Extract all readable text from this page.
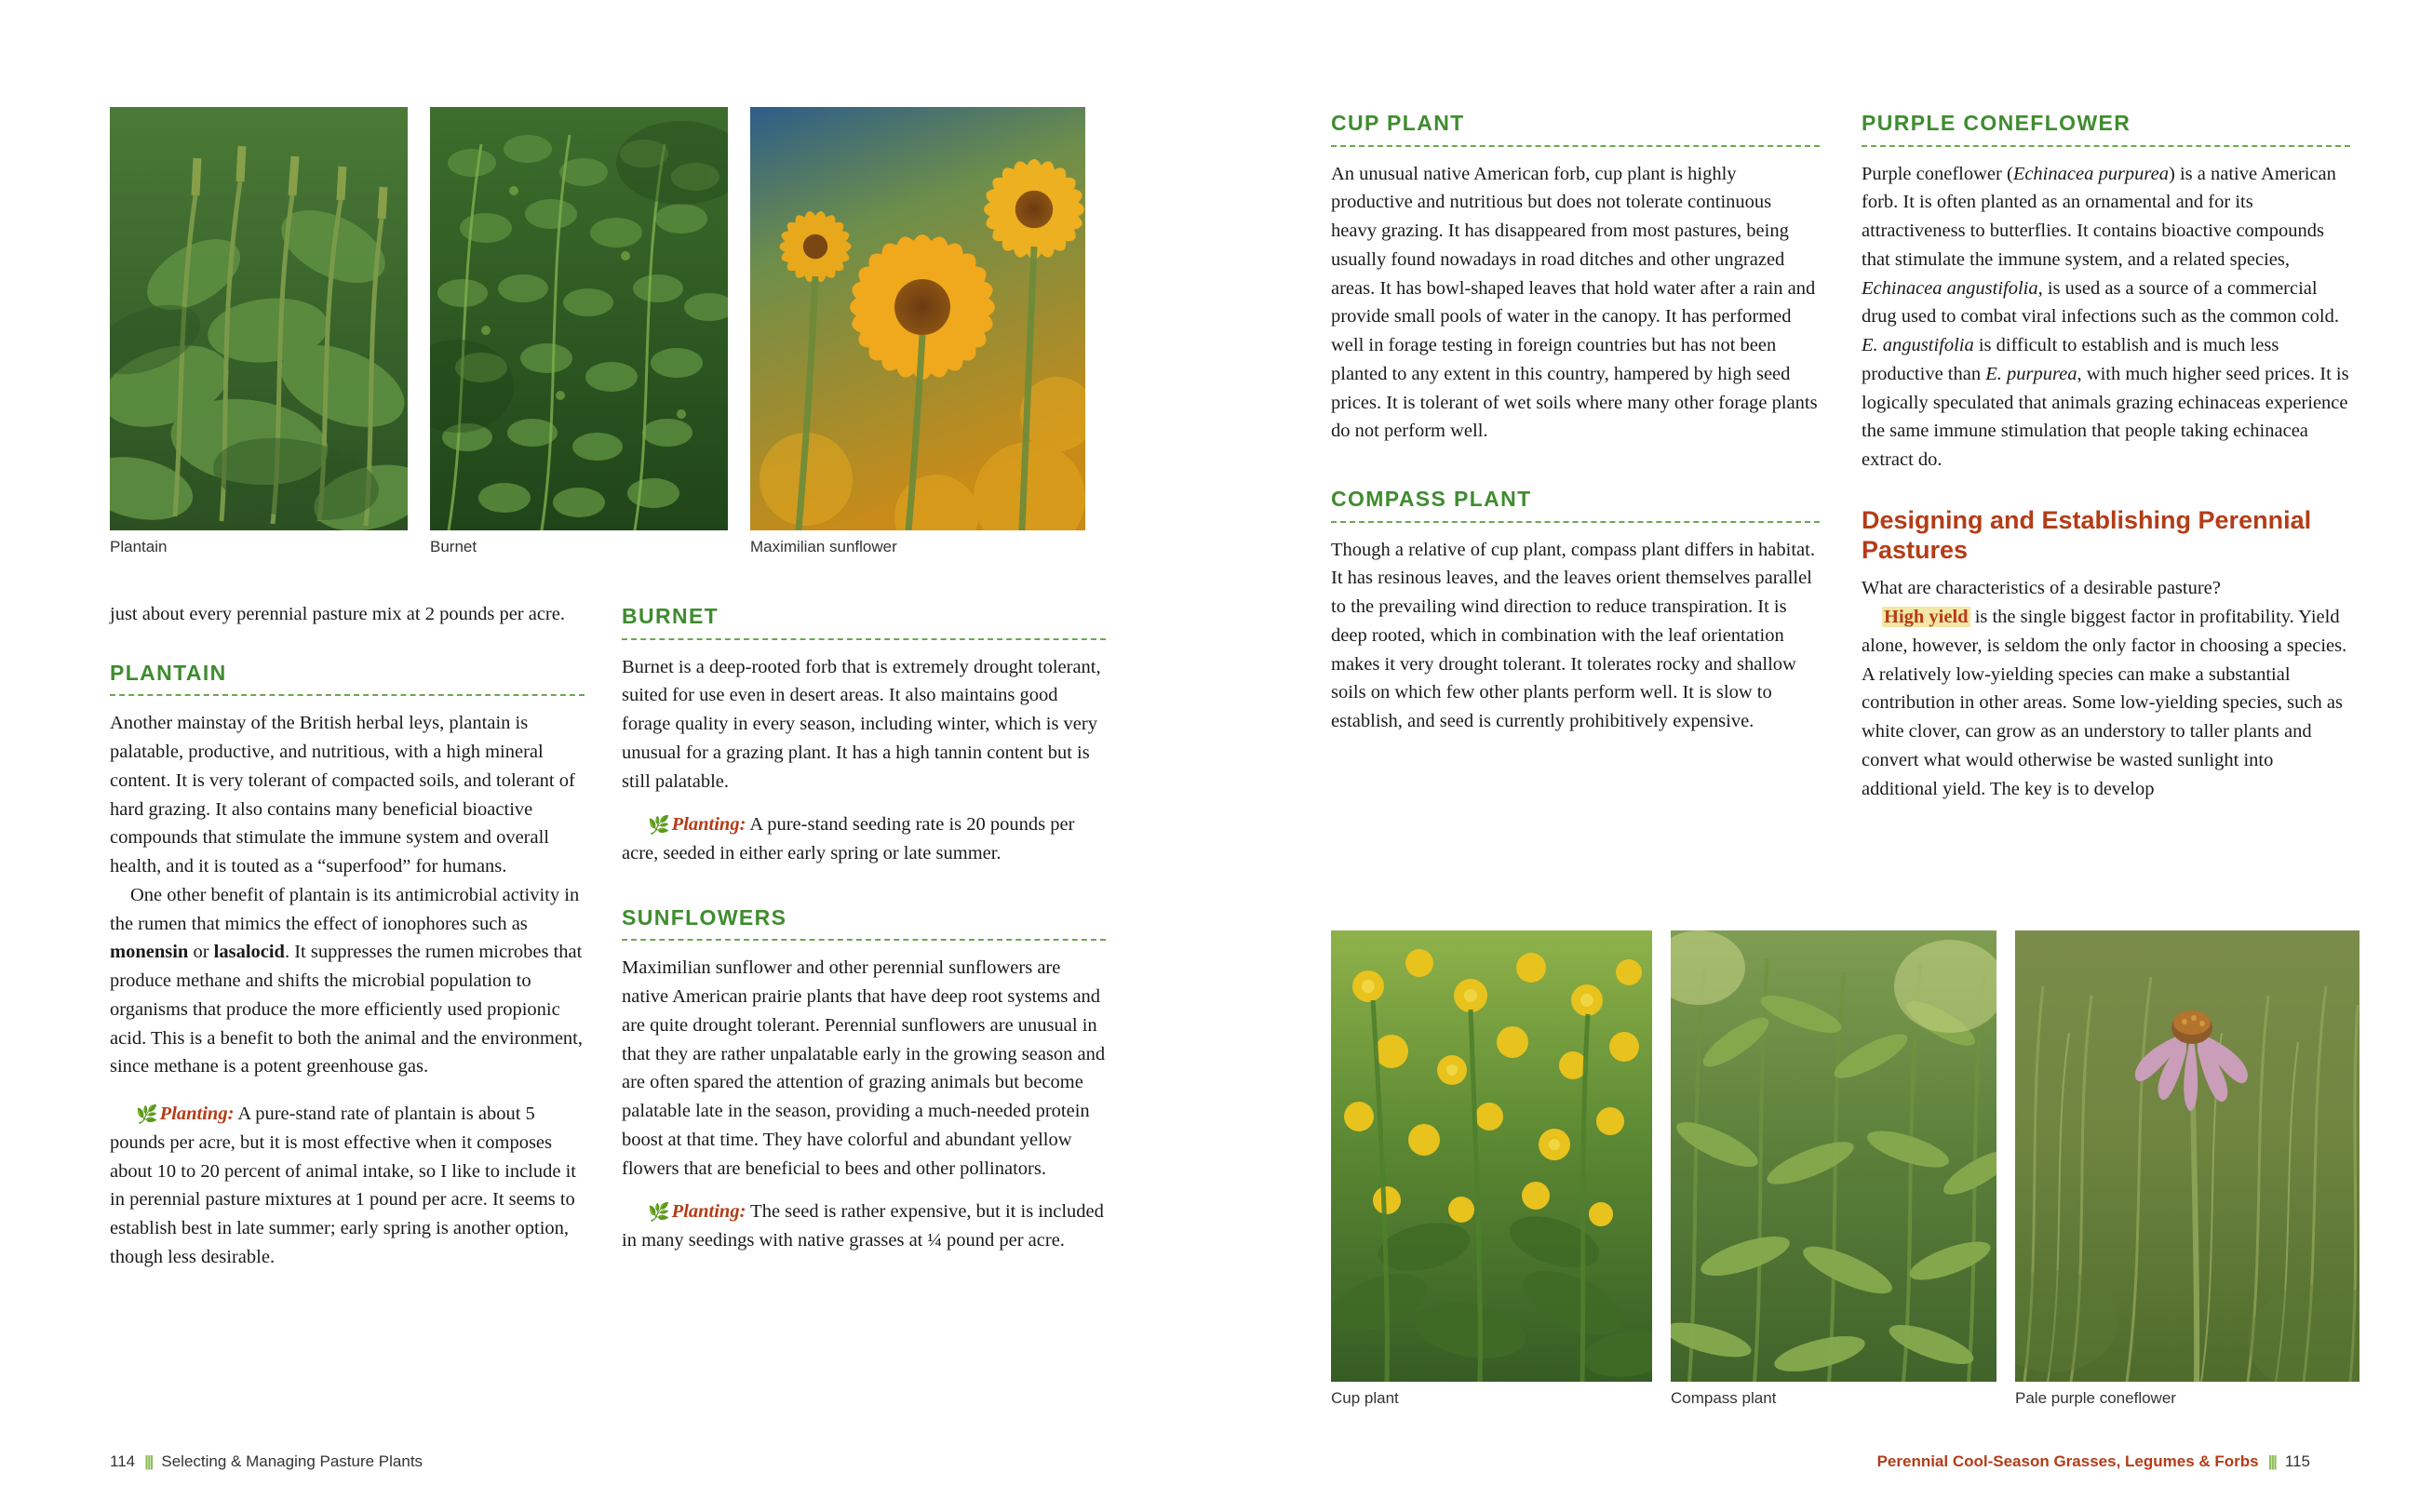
Plantain	Burnet	Maximilian sunflower

just about every perennial pasture mix at 2 pounds per acre.

PLANTAIN

Another mainstay of the British herbal leys, plantain is palatable, productive, and nutritious, with a high mineral content. It is very tolerant of compacted soils, and tolerant of hard grazing. It also contains many beneficial bioactive compounds that stimulate the immune system and overall health, and it is touted as a “superfood” for humans.

One other benefit of plantain is its antimicrobial activity in the rumen that mimics the effect of ionophores such as monensin or lasalocid. It suppresses the rumen microbes that produce methane and shifts the microbial population to organisms that produce the more efficiently used propionic acid. This is a benefit to both the animal and the environment, since methane is a potent greenhouse gas.

🌿Planting: A pure-stand rate of plantain is about 5 pounds per acre, but it is most effective when it composes about 10 to 20 percent of animal intake, so I like to include it in perennial pasture mixtures at 1 pound per acre. It seems to establish best in late summer; early spring is another option, though less desirable.

BURNET

Burnet is a deep-rooted forb that is extremely drought tolerant, suited for use even in desert areas. It also maintains good forage quality in every season, including winter, which is very unusual for a grazing plant. It has a high tannin content but is still palatable.

🌿Planting: A pure-stand seeding rate is 20 pounds per acre, seeded in either early spring or late summer.

SUNFLOWERS

Maximilian sunflower and other perennial sunflowers are native American prairie plants that have deep root systems and are quite drought tolerant. Perennial sunflowers are unusual in that they are rather unpalatable early in the growing season and are often spared the attention of grazing animals but become palatable late in the season, providing a much-needed protein boost at that time. They have colorful and abundant yellow flowers that are beneficial to bees and other pollinators.

🌿Planting: The seed is rather expensive, but it is included in many seedings with native grasses at ¼ pound per acre.

114 ||| Selecting & Managing Pasture Plants
CUP PLANT

An unusual native American forb, cup plant is highly productive and nutritious but does not tolerate continuous heavy grazing. It has disappeared from most pastures, being usually found nowadays in road ditches and other ungrazed areas. It has bowl-shaped leaves that hold water after a rain and provide small pools of water in the canopy. It has performed well in forage testing in foreign countries but has not been planted to any extent in this country, hampered by high seed prices. It is tolerant of wet soils where many other forage plants do not perform well.

COMPASS PLANT

Though a relative of cup plant, compass plant differs in habitat. It has resinous leaves, and the leaves orient themselves parallel to the prevailing wind direction to reduce transpiration. It is deep rooted, which in combination with the leaf orientation makes it very drought tolerant. It tolerates rocky and shallow soils on which few other plants perform well. It is slow to establish, and seed is currently prohibitively expensive.

PURPLE CONEFLOWER

Purple coneflower (Echinacea purpurea) is a native American forb. It is often planted as an ornamental and for its attractiveness to butterflies. It contains bioactive compounds that stimulate the immune system, and a related species, Echinacea angustifolia, is used as a source of a commercial drug used to combat viral infections such as the common cold. E. angustifolia is difficult to establish and is much less productive than E. purpurea, with much higher seed prices. It is logically speculated that animals grazing echinaceas experience the same immune stimulation that people taking echinacea extract do.

Designing and Establishing Perennial Pastures

What are characteristics of a desirable pasture?

High yield is the single biggest factor in profitability. Yield alone, however, is seldom the only factor in choosing a species. A relatively low-yielding species can make a substantial contribution in other areas. Some low-yielding species, such as white clover, can grow as an understory to taller plants and convert what would otherwise be wasted sunlight into additional yield. The key is to develop

Cup plant	Compass plant	Pale purple coneflower
Perennial Cool-Season Grasses, Legumes & Forbs ||| 115
